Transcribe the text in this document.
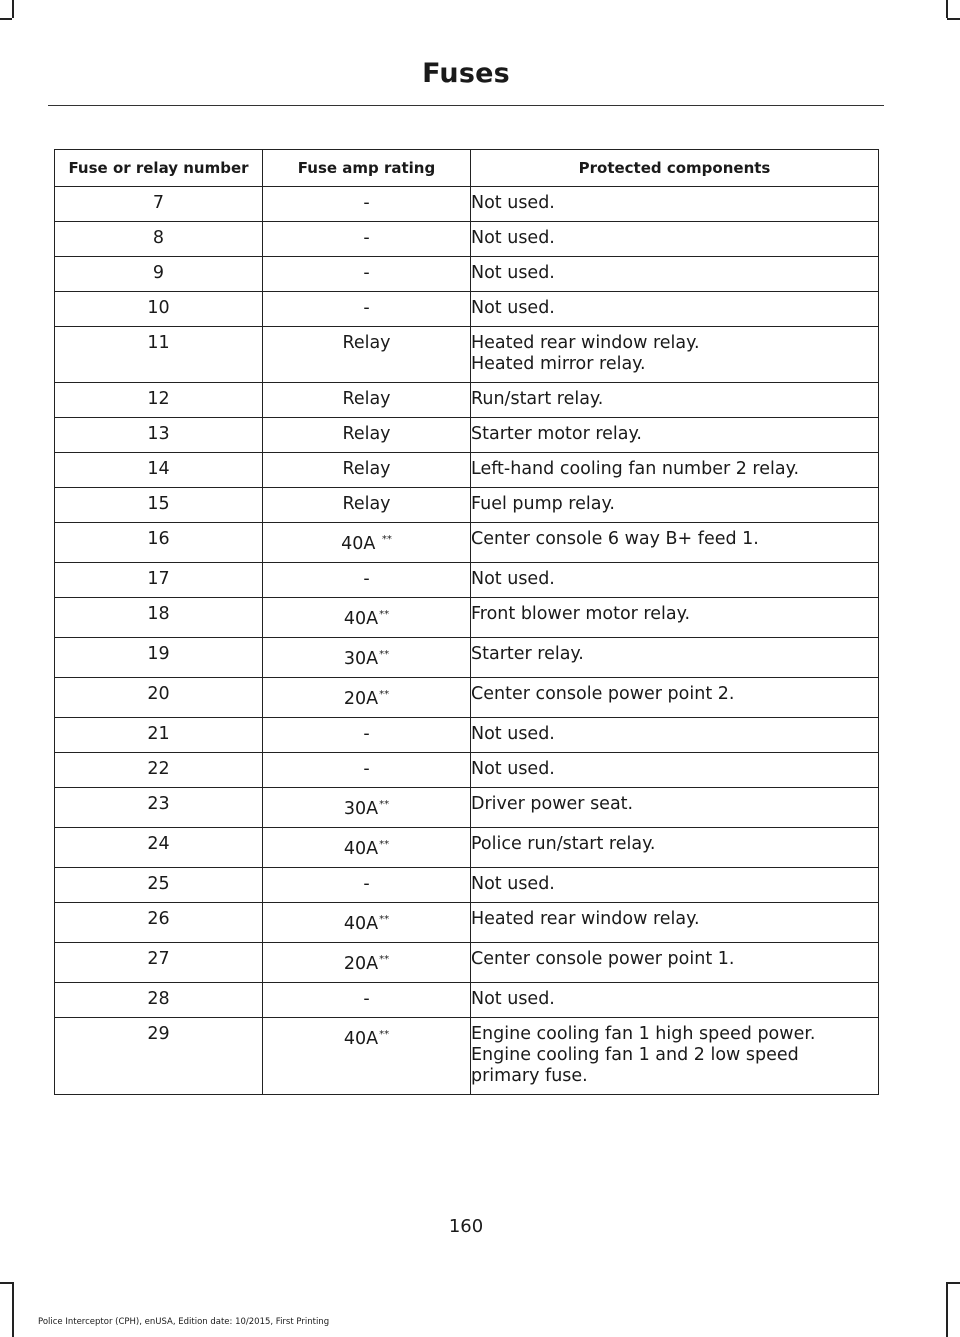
Fuses
Fuse or relay number	Fuse amp rating	Protected components
7	-	Not used.

8	-	Not used.

9	-	Not used.

10	-	Not used.

11	Relay	Heated rear window relay.
Heated mirror relay.

12	Relay	Run/start relay.

13	Relay	Starter motor relay.

14	Relay	Left-hand cooling fan number 2 relay.

15	Relay	Fuel pump relay.

16	40A **	Center console 6 way B+ feed 1.

17	-	Not used.

18	40A**	Front blower motor relay.

19	30A**	Starter relay.

20	20A**	Center console power point 2.

21	-	Not used.

22	-	Not used.

23	30A**	Driver power seat.

24	40A**	Police run/start relay.

25	-	Not used.

26	40A**	Heated rear window relay.

27	20A**	Center console power point 1.

28	-	Not used.

29	40A**	Engine cooling fan 1 high speed power.
Engine cooling fan 1 and 2 low speed
primary fuse.
160
Police Interceptor (CPH), enUSA, Edition date: 10/2015, First Printing
